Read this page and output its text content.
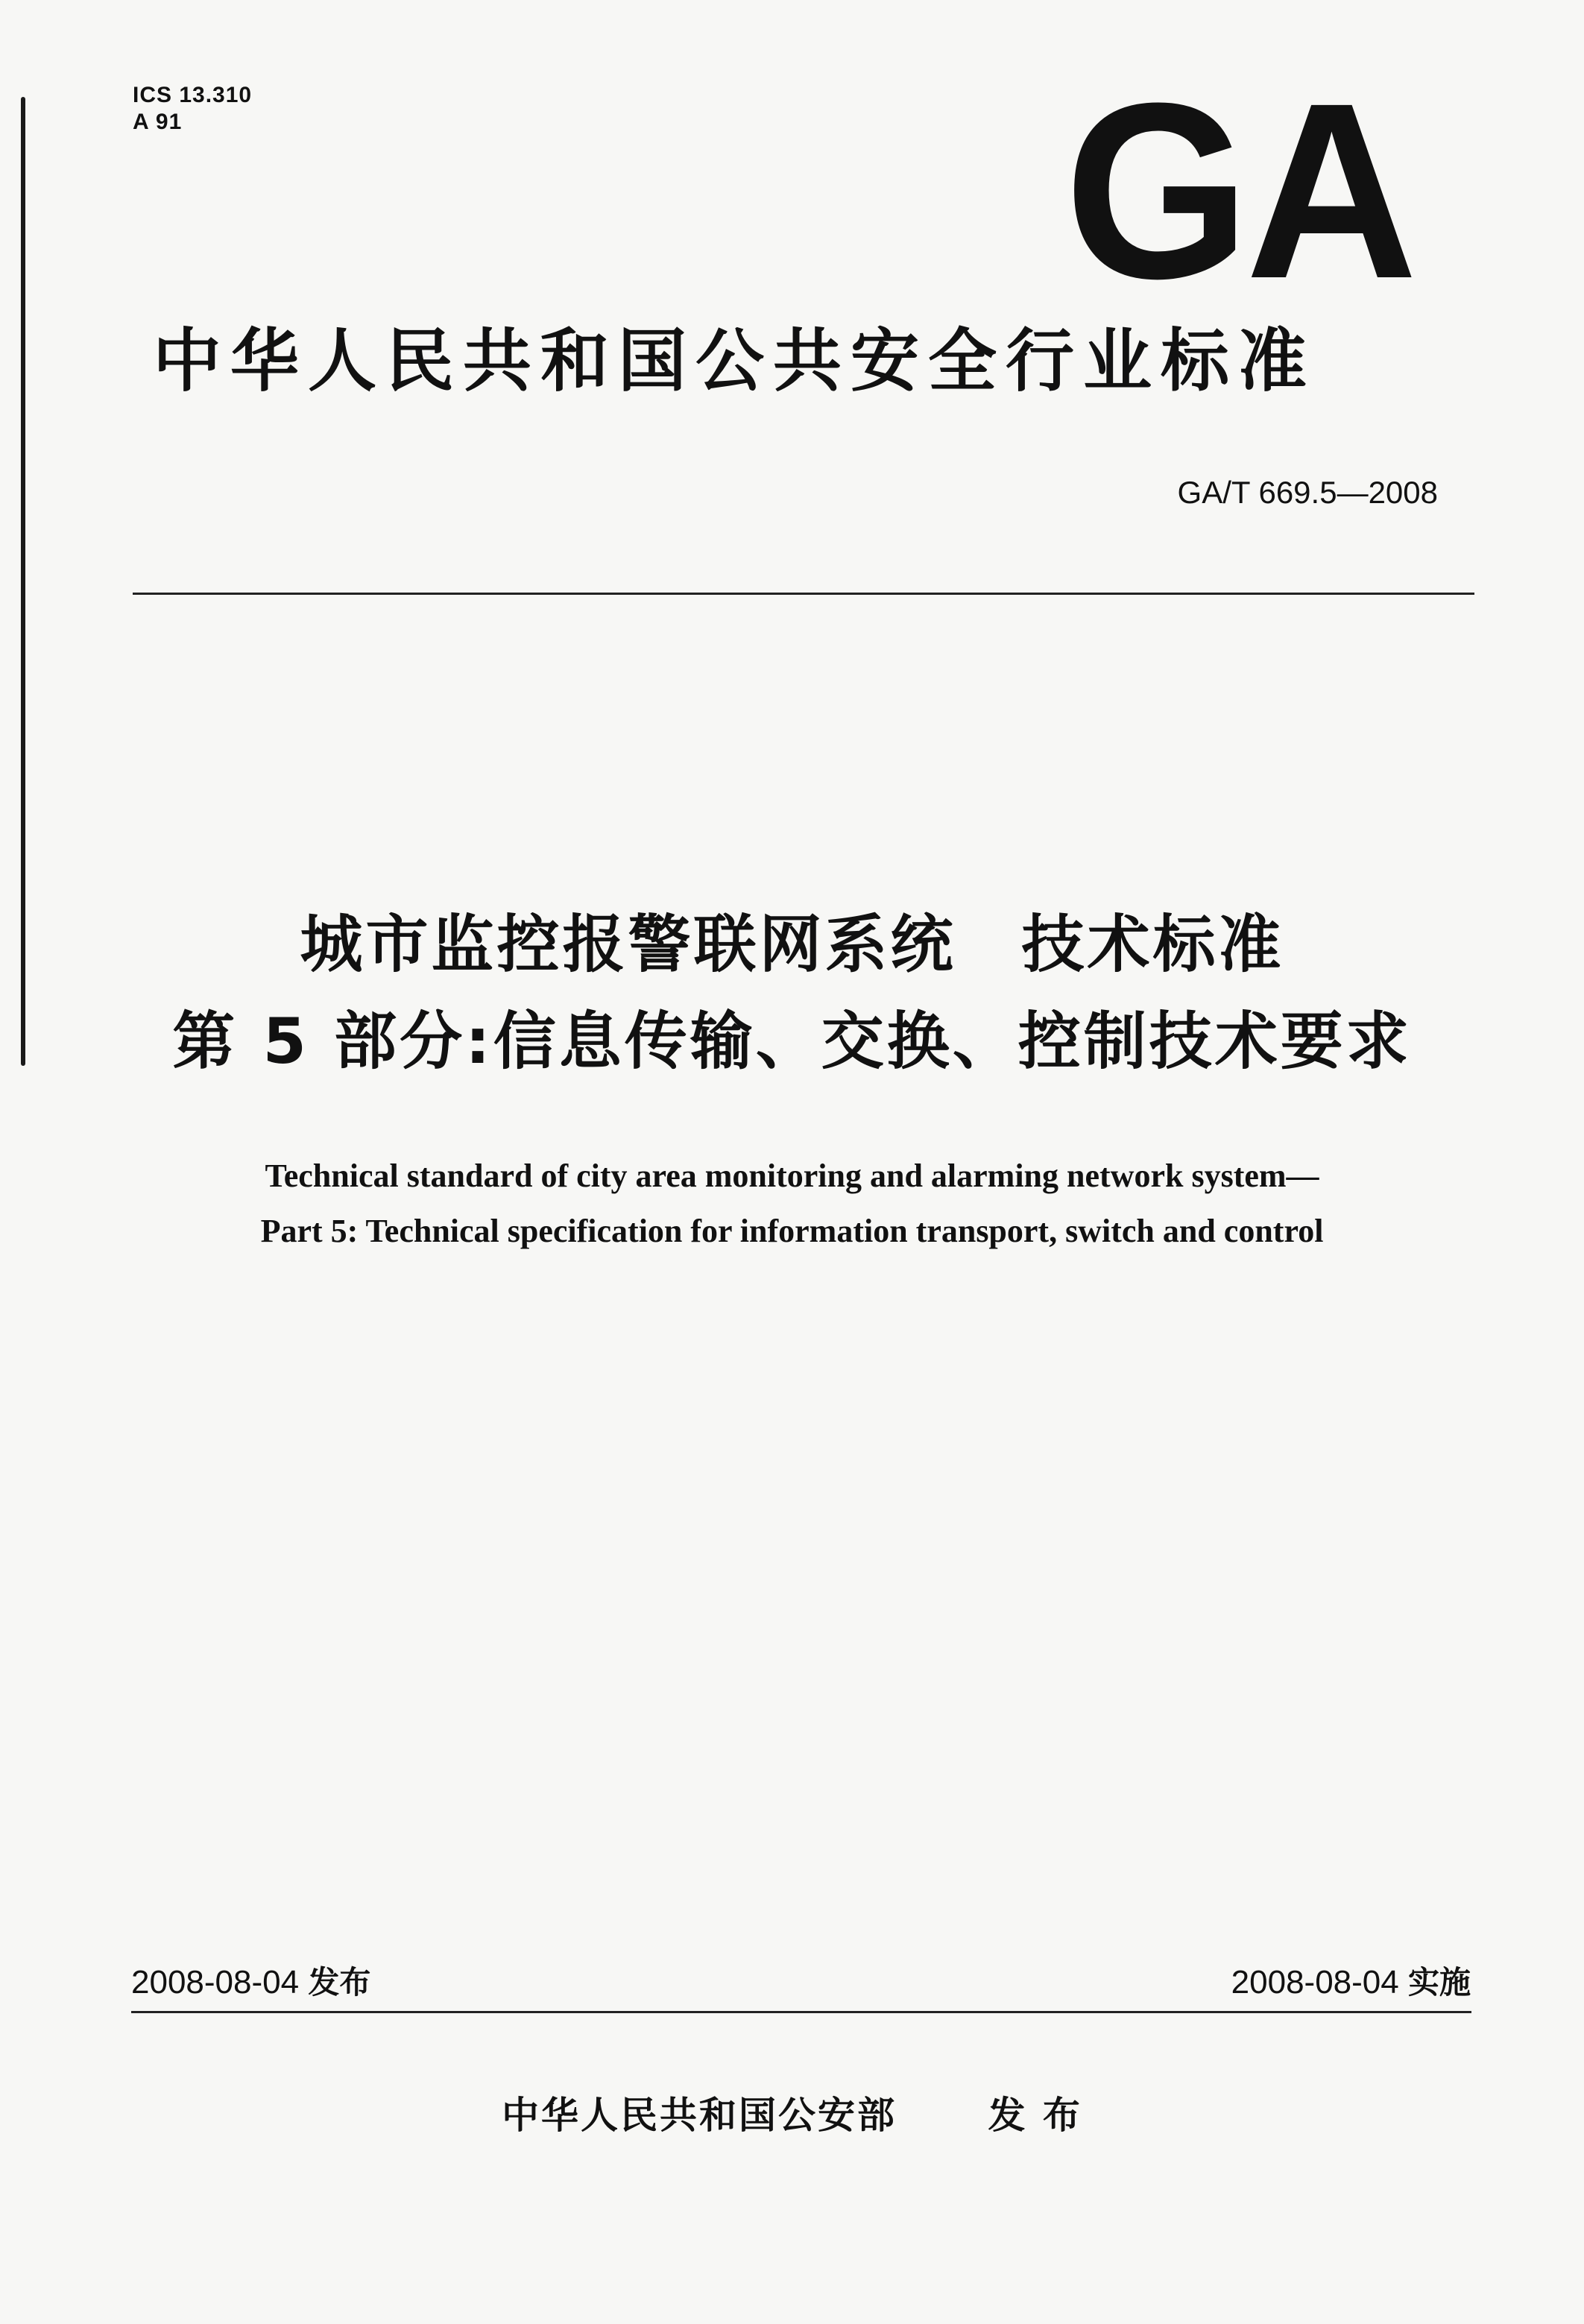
ICS 13.310
A 91	GA
中华人民共和国公共安全行业标准
GA/T 669.5—2008
城市监控报警联网系统　技术标准
第 5 部分:信息传输、交换、控制技术要求
Technical standard of city area monitoring and alarming network system—
Part 5: Technical specification for information transport, switch and control
2008-08-04 发布	2008-08-04 实施
中华人民共和国公安部 发 布
